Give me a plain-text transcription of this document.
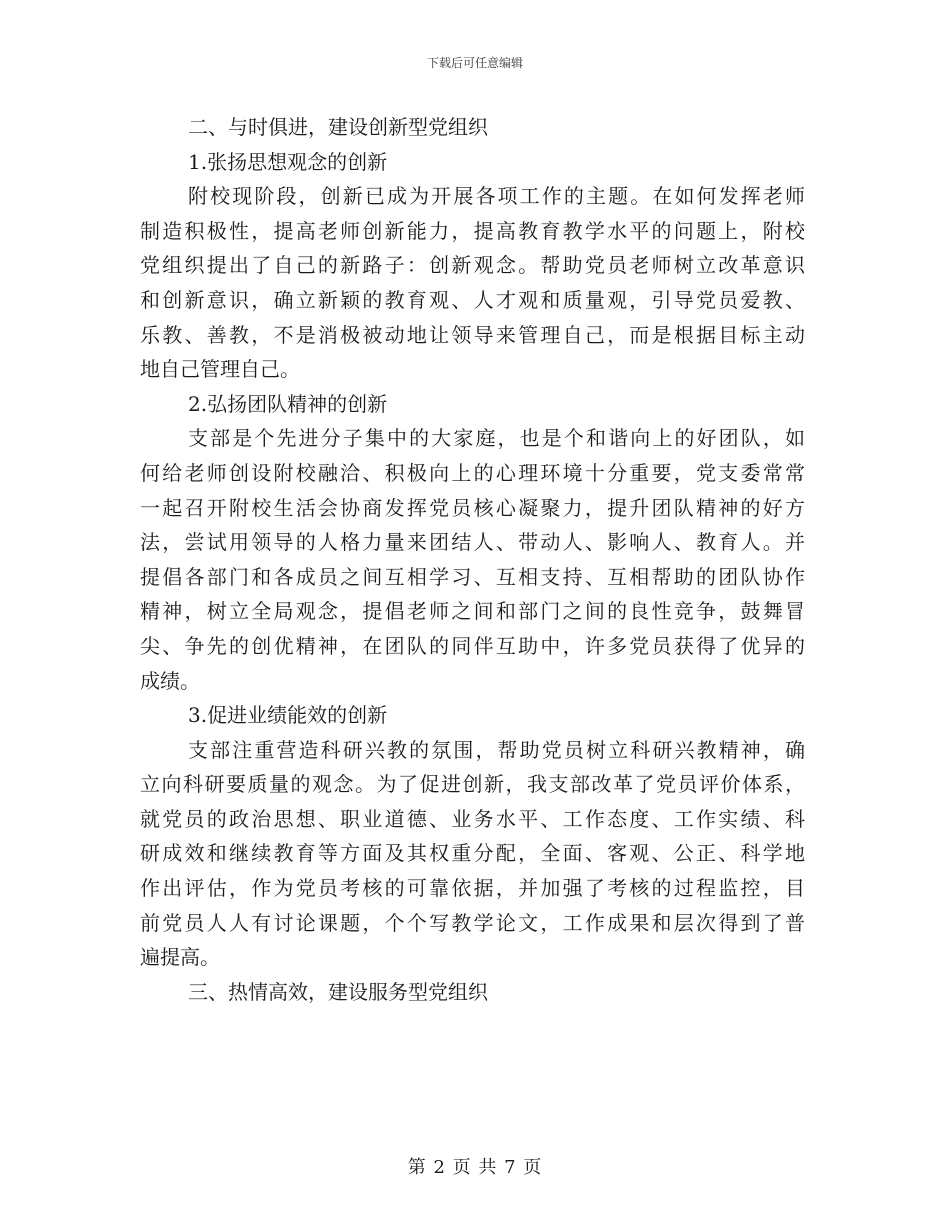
下载后可任意编辑
二、与时俱进，建设创新型党组织
1.张扬思想观念的创新
附校现阶段，创新已成为开展各项工作的主题。在如何发挥老师
制造积极性，提高老师创新能力，提高教育教学水平的问题上，附校
党组织提出了自己的新路子：创新观念。帮助党员老师树立改革意识
和创新意识，确立新颖的教育观、人才观和质量观，引导党员爱教、
乐教、善教，不是消极被动地让领导来管理自己，而是根据目标主动
地自己管理自己。
2.弘扬团队精神的创新
支部是个先进分子集中的大家庭，也是个和谐向上的好团队，如
何给老师创设附校融洽、积极向上的心理环境十分重要，党支委常常
一起召开附校生活会协商发挥党员核心凝聚力，提升团队精神的好方
法，尝试用领导的人格力量来团结人、带动人、影响人、教育人。并
提倡各部门和各成员之间互相学习、互相支持、互相帮助的团队协作
精神，树立全局观念，提倡老师之间和部门之间的良性竞争，鼓舞冒
尖、争先的创优精神，在团队的同伴互助中，许多党员获得了优异的
成绩。
3.促进业绩能效的创新
支部注重营造科研兴教的氛围，帮助党员树立科研兴教精神，确
立向科研要质量的观念。为了促进创新，我支部改革了党员评价体系，
就党员的政治思想、职业道德、业务水平、工作态度、工作实绩、科
研成效和继续教育等方面及其权重分配，全面、客观、公正、科学地
作出评估，作为党员考核的可靠依据，并加强了考核的过程监控，目
前党员人人有讨论课题，个个写教学论文，工作成果和层次得到了普
遍提高。
三、热情高效，建设服务型党组织
第 2 页 共 7 页
